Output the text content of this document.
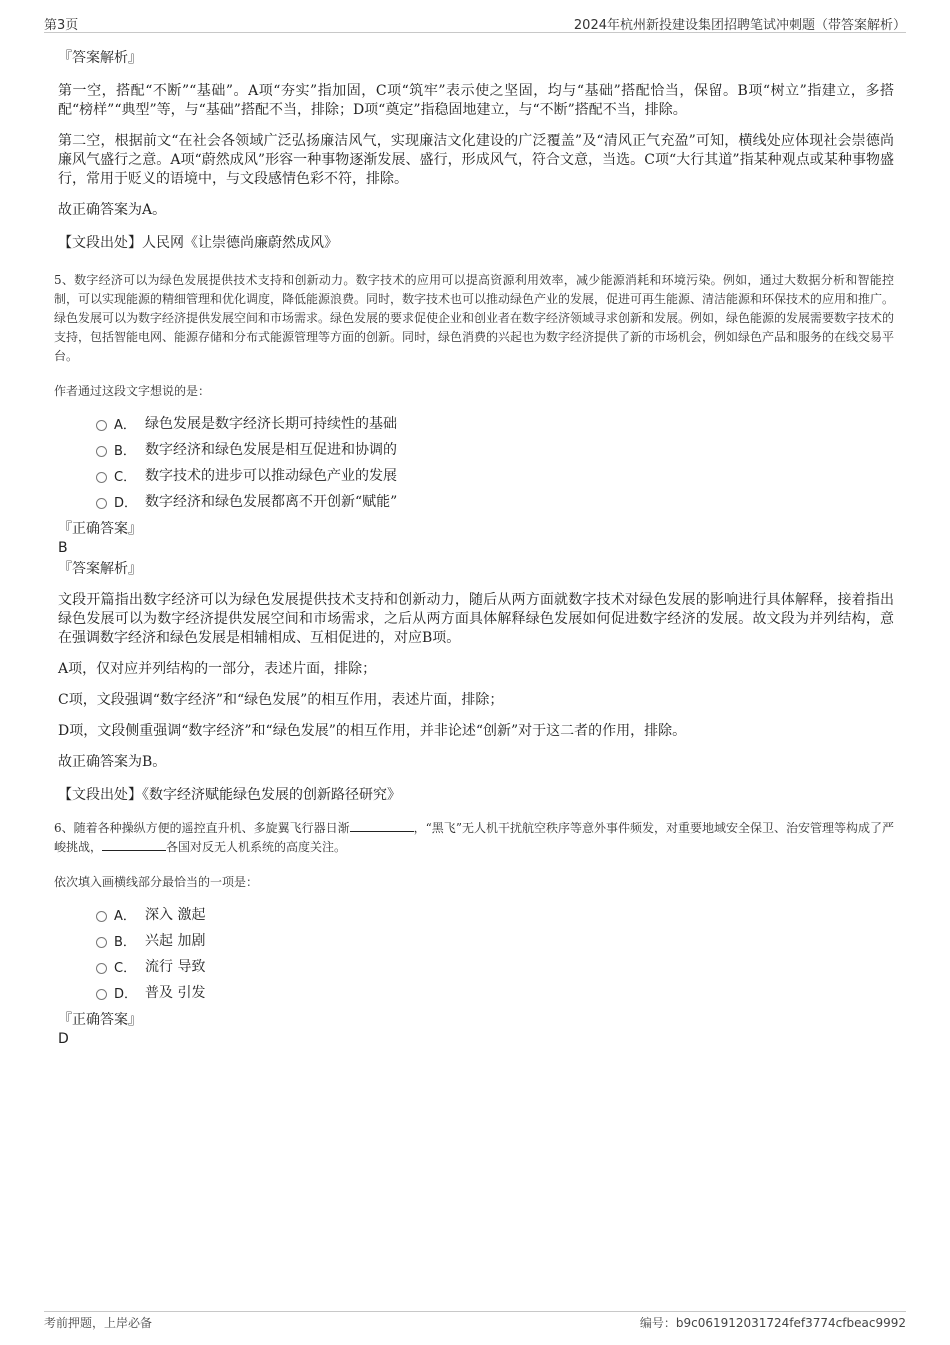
第3页	2024年杭州新投建设集团招聘笔试冲刺题（带答案解析）

『答案解析』

第一空，搭配“不断”“基础”。A项“夯实”指加固，C项“筑牢”表示使之坚固，均与“基础”搭配恰当，保留。B项“树立”指建立，多搭配“榜样”“典型”等，与“基础”搭配不当，排除；D项“奠定”指稳固地建立，与“不断”搭配不当，排除。

第二空，根据前文“在社会各领域广泛弘扬廉洁风气，实现廉洁文化建设的广泛覆盖”及“清风正气充盈”可知，横线处应体现社会崇德尚廉风气盛行之意。A项“蔚然成风”形容一种事物逐渐发展、盛行，形成风气，符合文意，当选。C项“大行其道”指某种观点或某种事物盛行，常用于贬义的语境中，与文段感情色彩不符，排除。

故正确答案为A。

【文段出处】人民网《让崇德尚廉蔚然成风》

5、数字经济可以为绿色发展提供技术支持和创新动力。数字技术的应用可以提高资源利用效率，减少能源消耗和环境污染。例如，通过大数据分析和智能控制，可以实现能源的精细管理和优化调度，降低能源浪费。同时，数字技术也可以推动绿色产业的发展，促进可再生能源、清洁能源和环保技术的应用和推广。绿色发展可以为数字经济提供发展空间和市场需求。绿色发展的要求促使企业和创业者在数字经济领域寻求创新和发展。例如，绿色能源的发展需要数字技术的支持，包括智能电网、能源存储和分布式能源管理等方面的创新。同时，绿色消费的兴起也为数字经济提供了新的市场机会，例如绿色产品和服务的在线交易平台。

作者通过这段文字想说的是：

A． 绿色发展是数字经济长期可持续性的基础
B． 数字经济和绿色发展是相互促进和协调的
C． 数字技术的进步可以推动绿色产业的发展
D． 数字经济和绿色发展都离不开创新“赋能”

『正确答案』

B

『答案解析』

文段开篇指出数字经济可以为绿色发展提供技术支持和创新动力，随后从两方面就数字技术对绿色发展的影响进行具体解释，接着指出绿色发展可以为数字经济提供发展空间和市场需求，之后从两方面具体解释绿色发展如何促进数字经济的发展。故文段为并列结构，意在强调数字经济和绿色发展是相辅相成、互相促进的，对应B项。

A项，仅对应并列结构的一部分，表述片面，排除；

C项，文段强调“数字经济”和“绿色发展”的相互作用，表述片面，排除；

D项，文段侧重强调“数字经济”和“绿色发展”的相互作用，并非论述“创新”对于这二者的作用，排除。

故正确答案为B。

【文段出处】《数字经济赋能绿色发展的创新路径研究》

6、随着各种操纵方便的遥控直升机、多旋翼飞行器日渐	，“黑飞”无人机干扰航空秩序等意外事件频发，对重要地域安全保卫、治安管理等构成了严峻挑战，	各国对反无人机系统的高度关注。

依次填入画横线部分最恰当的一项是：

A． 深入 激起
B． 兴起 加剧
C． 流行 导致
D． 普及 引发

『正确答案』

D

考前押题，上岸必备	编号：b9c061912031724fef3774cfbeac9992
